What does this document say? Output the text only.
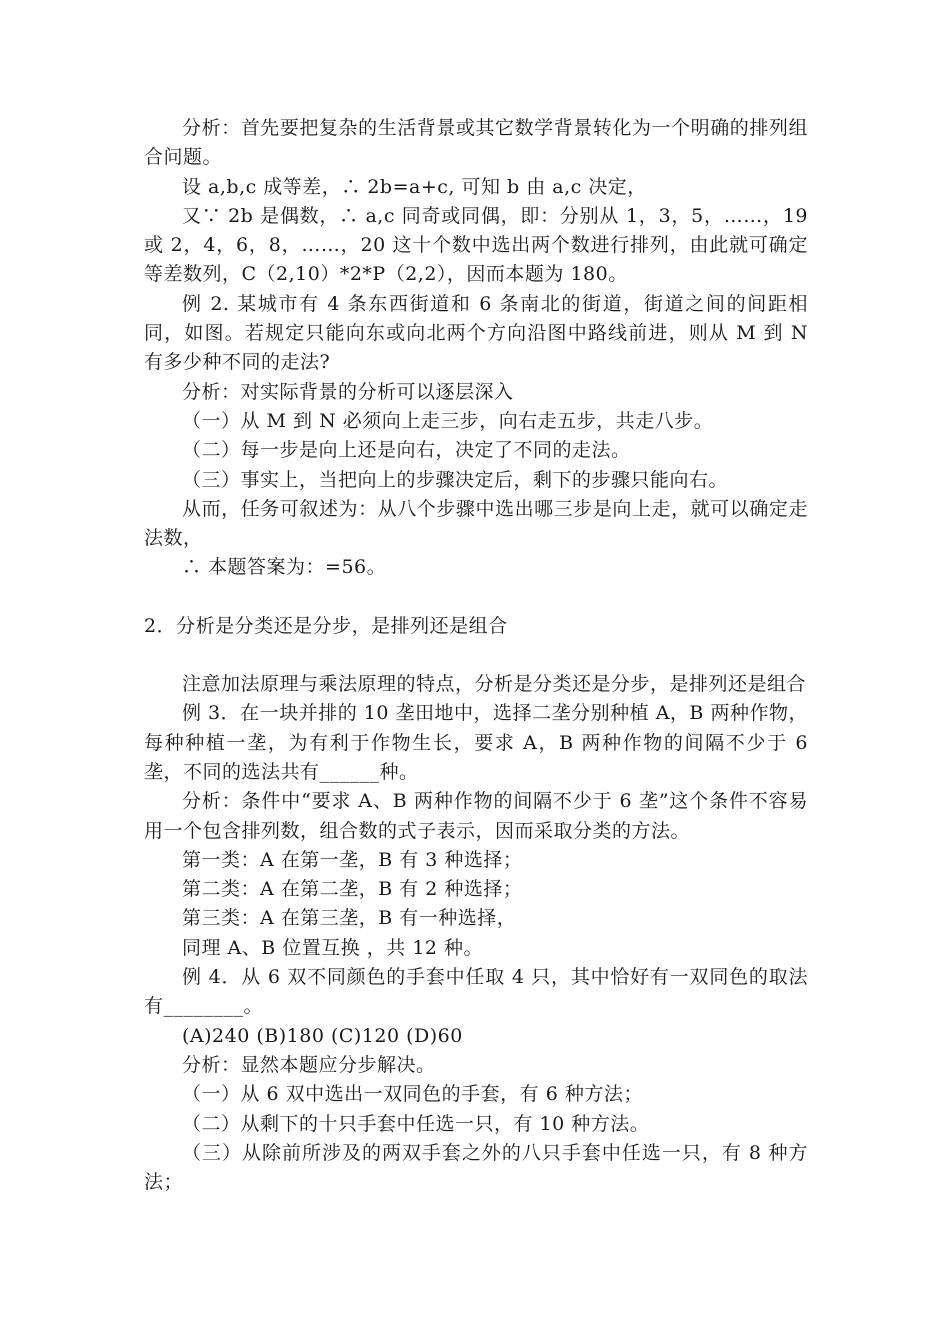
分析：首先要把复杂的生活背景或其它数学背景转化为一个明确的排列组合问题。

设 a,b,c 成等差，∴ 2b=a+c, 可知 b 由 a,c 决定，

又∵ 2b 是偶数，∴ a,c 同奇或同偶，即：分别从 1，3，5，……，19 或 2，4，6，8，……，20 这十个数中选出两个数进行排列，由此就可确定等差数列，C（2,10）*2*P（2,2），因而本题为 180。

例 2. 某城市有 4 条东西街道和 6 条南北的街道，街道之间的间距相同，如图。若规定只能向东或向北两个方向沿图中路线前进，则从 M 到 N 有多少种不同的走法?

分析：对实际背景的分析可以逐层深入

（一）从 M 到 N 必须向上走三步，向右走五步，共走八步。

（二）每一步是向上还是向右，决定了不同的走法。

（三）事实上，当把向上的步骤决定后，剩下的步骤只能向右。

从而，任务可叙述为：从八个步骤中选出哪三步是向上走，就可以确定走法数，

∴ 本题答案为：=56。

2．分析是分类还是分步，是排列还是组合

注意加法原理与乘法原理的特点，分析是分类还是分步，是排列还是组合

例 3．在一块并排的 10 垄田地中，选择二垄分别种植 A，B 两种作物，每种种植一垄，为有利于作物生长，要求 A，B 两种作物的间隔不少于 6 垄，不同的选法共有______种。

分析：条件中“要求 A、B 两种作物的间隔不少于 6 垄”这个条件不容易用一个包含排列数，组合数的式子表示，因而采取分类的方法。

第一类：A 在第一垄，B 有 3 种选择；

第二类：A 在第二垄，B 有 2 种选择；

第三类：A 在第三垄，B 有一种选择，

同理 A、B 位置互换 ，共 12 种。

例 4．从 6 双不同颜色的手套中任取 4 只，其中恰好有一双同色的取法有________。

(A)240 (B)180 (C)120 (D)60

分析：显然本题应分步解决。

（一）从 6 双中选出一双同色的手套，有 6 种方法；

（二）从剩下的十只手套中任选一只，有 10 种方法。

（三）从除前所涉及的两双手套之外的八只手套中任选一只，有 8 种方法；
